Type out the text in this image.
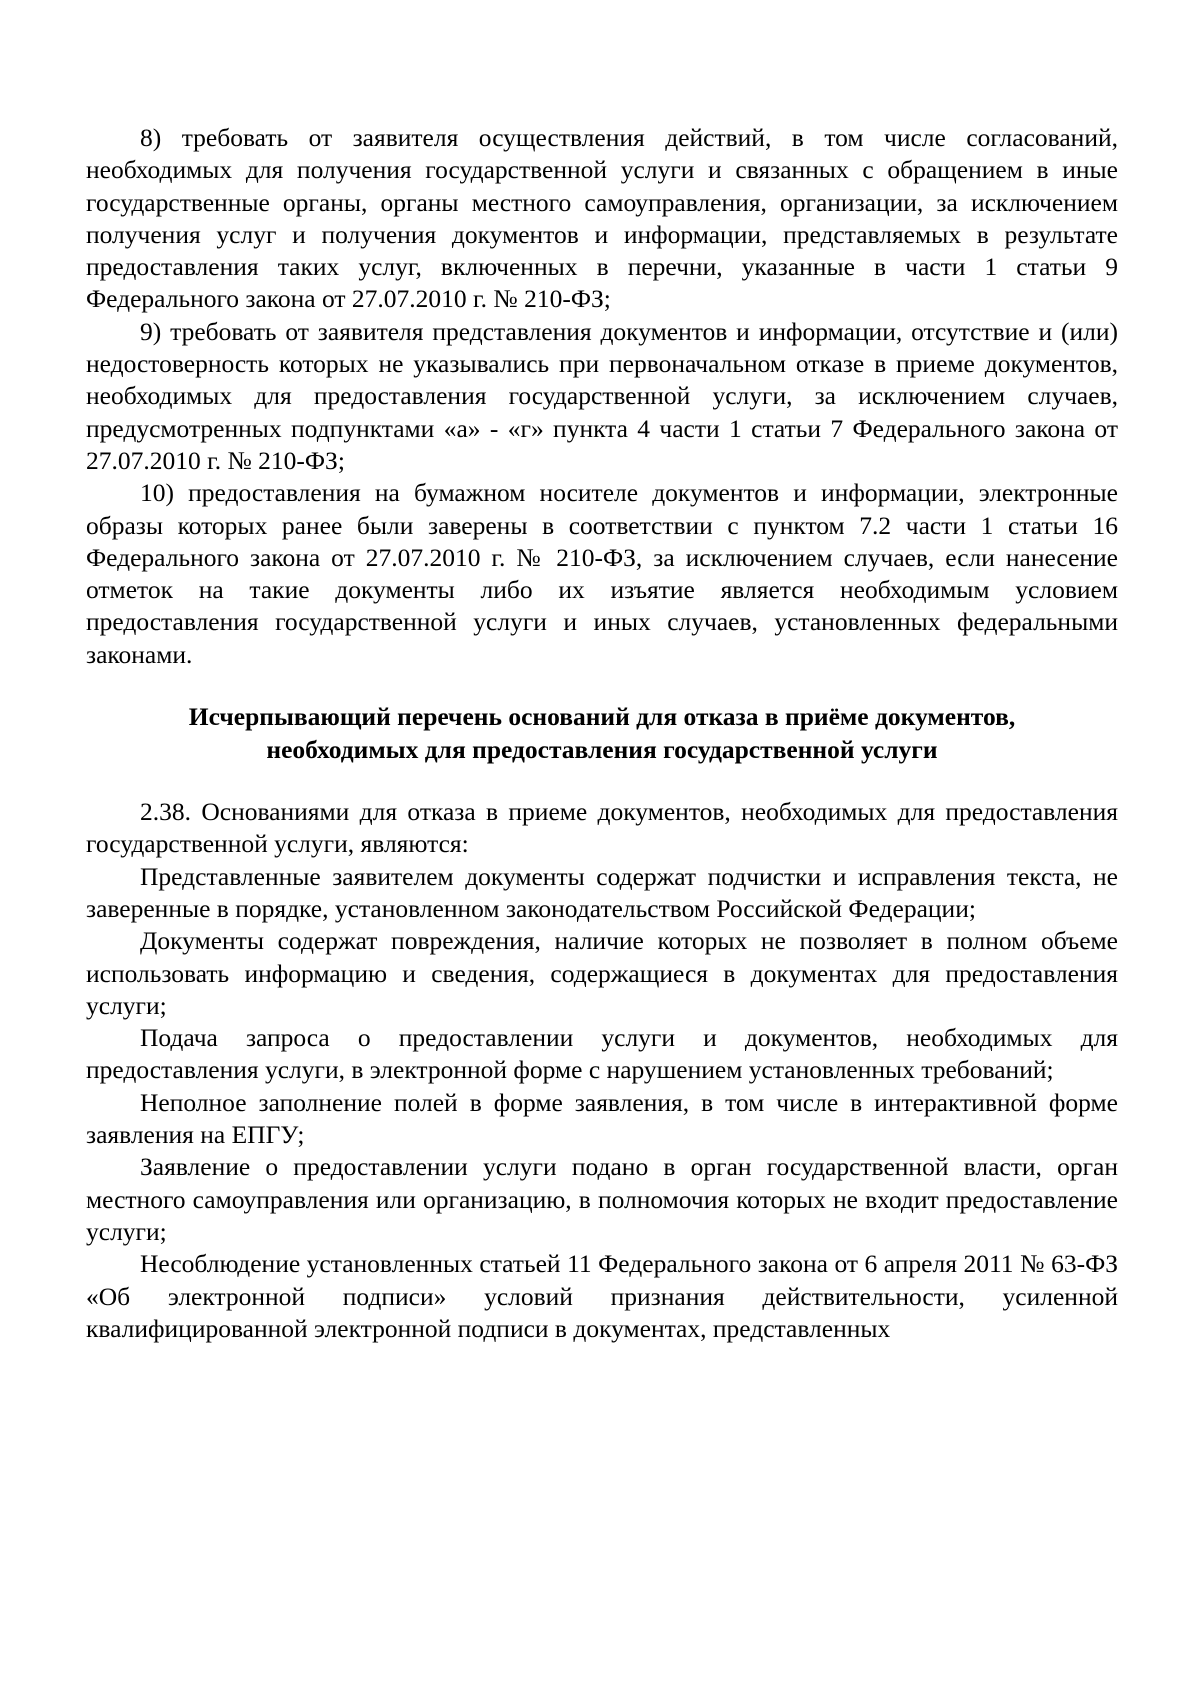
8) требовать от заявителя осуществления действий, в том числе согласований, необходимых для получения государственной услуги и связанных с обращением в иные государственные органы, органы местного самоуправления, организации, за исключением получения услуг и получения документов и информации, представляемых в результате предоставления таких услуг, включенных в перечни, указанные в части 1 статьи 9 Федерального закона от 27.07.2010 г. № 210-ФЗ;

9) требовать от заявителя представления документов и информации, отсутствие и (или) недостоверность которых не указывались при первоначальном отказе в приеме документов, необходимых для предоставления государственной услуги, за исключением случаев, предусмотренных подпунктами «а» - «г» пункта 4 части 1 статьи 7 Федерального закона от 27.07.2010 г. № 210-ФЗ;

10) предоставления на бумажном носителе документов и информации, электронные образы которых ранее были заверены в соответствии с пунктом 7.2 части 1 статьи 16 Федерального закона от 27.07.2010 г. № 210-ФЗ, за исключением случаев, если нанесение отметок на такие документы либо их изъятие является необходимым условием предоставления государственной услуги и иных случаев, установленных федеральными законами.

Исчерпывающий перечень оснований для отказа в приёме документов,

необходимых для предоставления государственной услуги

2.38. Основаниями для отказа в приеме документов, необходимых для предоставления государственной услуги, являются:

Представленные заявителем документы содержат подчистки и исправления текста, не заверенные в порядке, установленном законодательством Российской Федерации;

Документы содержат повреждения, наличие которых не позволяет в полном объеме использовать информацию и сведения, содержащиеся в документах для предоставления услуги;

Подача запроса о предоставлении услуги и документов, необходимых для предоставления услуги, в электронной форме с нарушением установленных требований;

Неполное заполнение полей в форме заявления, в том числе в интерактивной форме заявления на ЕПГУ;

Заявление о предоставлении услуги подано в орган государственной власти, орган местного самоуправления или организацию, в полномочия которых не входит предоставление услуги;

Несоблюдение установленных статьей 11 Федерального закона от 6 апреля 2011 № 63-ФЗ «Об электронной подписи» условий признания действительности, усиленной квалифицированной электронной подписи в документах, представленных
